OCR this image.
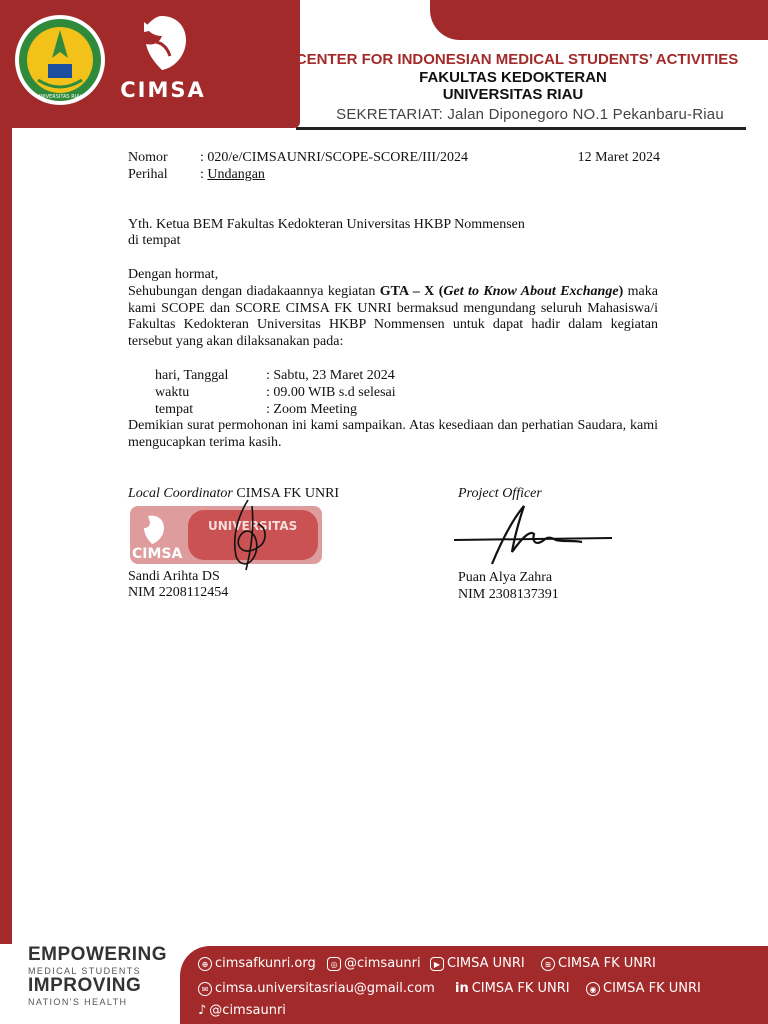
UNIVERSITAS RIAU CIMSA
CENTER FOR INDONESIAN MEDICAL STUDENTS’ ACTIVITIES
FAKULTAS KEDOKTERAN
UNIVERSITAS RIAU
SEKRETARIAT: Jalan Diponegoro NO.1 Pekanbaru-Riau
Nomor : 020/e/CIMSAUNRI/SCOPE-SCORE/III/2024	12 Maret 2024
Perihal : Undangan
Yth. Ketua BEM Fakultas Kedokteran Universitas HKBP Nommensen
di tempat
Dengan hormat,
Sehubungan dengan diadakaannya kegiatan GTA – X (Get to Know About Exchange) maka kami SCOPE dan SCORE CIMSA FK UNRI bermaksud mengundang seluruh Mahasiswa/i Fakultas Kedokteran Universitas HKBP Nommensen untuk dapat hadir dalam kegiatan tersebut yang akan dilaksanakan pada:
hari, Tanggal	: Sabtu, 23 Maret 2024
waktu	: 09.00 WIB s.d selesai
tempat	: Zoom Meeting
Demikian surat permohonan ini kami sampaikan. Atas kesediaan dan perhatian Saudara, kami mengucapkan terima kasih.
Local Coordinator CIMSA FK UNRI	Project Officer
CIMSA
UNIVERSITAS
Sandi Arihta DS
NIM 2208112454
Puan Alya Zahra
NIM 2308137391
EMPOWERING
MEDICAL STUDENTS
IMPROVING
NATION'S HEALTH
⊕ cimsafkunri.org	◎ @cimsaunri	▶ CIMSA UNRI	≋ CIMSA FK UNRI
✉ cimsa.universitasriau@gmail.com in CIMSA FK UNRI	◉ CIMSA FK UNRI
♪ @cimsaunri
